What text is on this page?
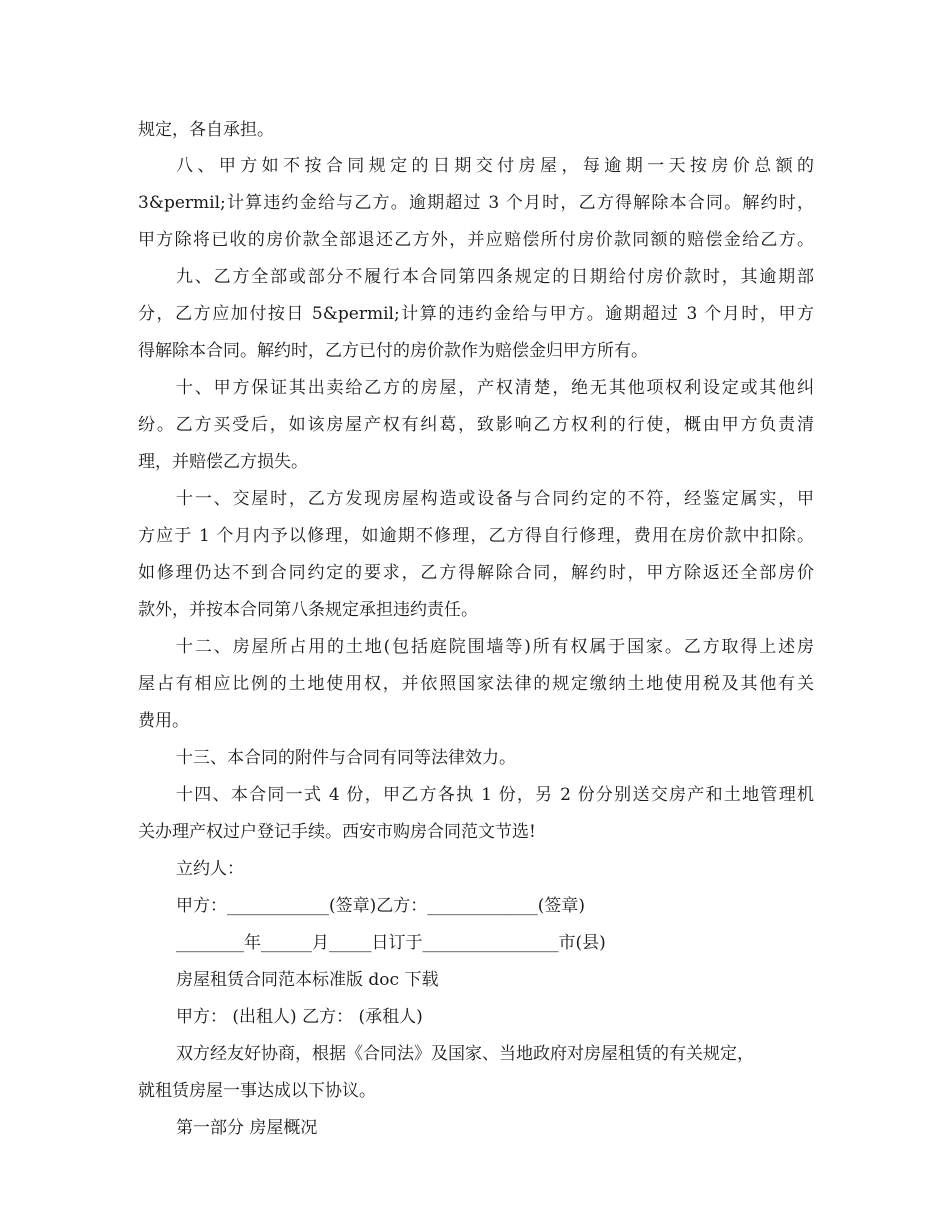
规定，各自承担。
八、甲方如不按合同规定的日期交付房屋，每逾期一天按房价总额的
3&permil;计算违约金给与乙方。逾期超过 3 个月时，乙方得解除本合同。解约时，
甲方除将已收的房价款全部退还乙方外，并应赔偿所付房价款同额的赔偿金给乙方。
九、乙方全部或部分不履行本合同第四条规定的日期给付房价款时，其逾期部
分，乙方应加付按日 5&permil;计算的违约金给与甲方。逾期超过 3 个月时，甲方
得解除本合同。解约时，乙方已付的房价款作为赔偿金归甲方所有。
十、甲方保证其出卖给乙方的房屋，产权清楚，绝无其他项权利设定或其他纠
纷。乙方买受后，如该房屋产权有纠葛，致影响乙方权利的行使，概由甲方负责清
理，并赔偿乙方损失。
十一、交屋时，乙方发现房屋构造或设备与合同约定的不符，经鉴定属实，甲
方应于 1 个月内予以修理，如逾期不修理，乙方得自行修理，费用在房价款中扣除。
如修理仍达不到合同约定的要求，乙方得解除合同，解约时，甲方除返还全部房价
款外，并按本合同第八条规定承担违约责任。
十二、房屋所占用的土地(包括庭院围墙等)所有权属于国家。乙方取得上述房
屋占有相应比例的土地使用权，并依照国家法律的规定缴纳土地使用税及其他有关
费用。
十三、本合同的附件与合同有同等法律效力。
十四、本合同一式 4 份，甲乙方各执 1 份，另 2 份分别送交房产和土地管理机
关办理产权过户登记手续。西安市购房合同范文节选!
立约人：
甲方：____________(签章)乙方：_____________(签章)
________年______月_____日订于________________市(县)
房屋租赁合同范本标准版 doc 下载
甲方： (出租人) 乙方： (承租人)
双方经友好协商，根据《合同法》及国家、当地政府对房屋租赁的有关规定，
就租赁房屋一事达成以下协议。
第一部分 房屋概况
